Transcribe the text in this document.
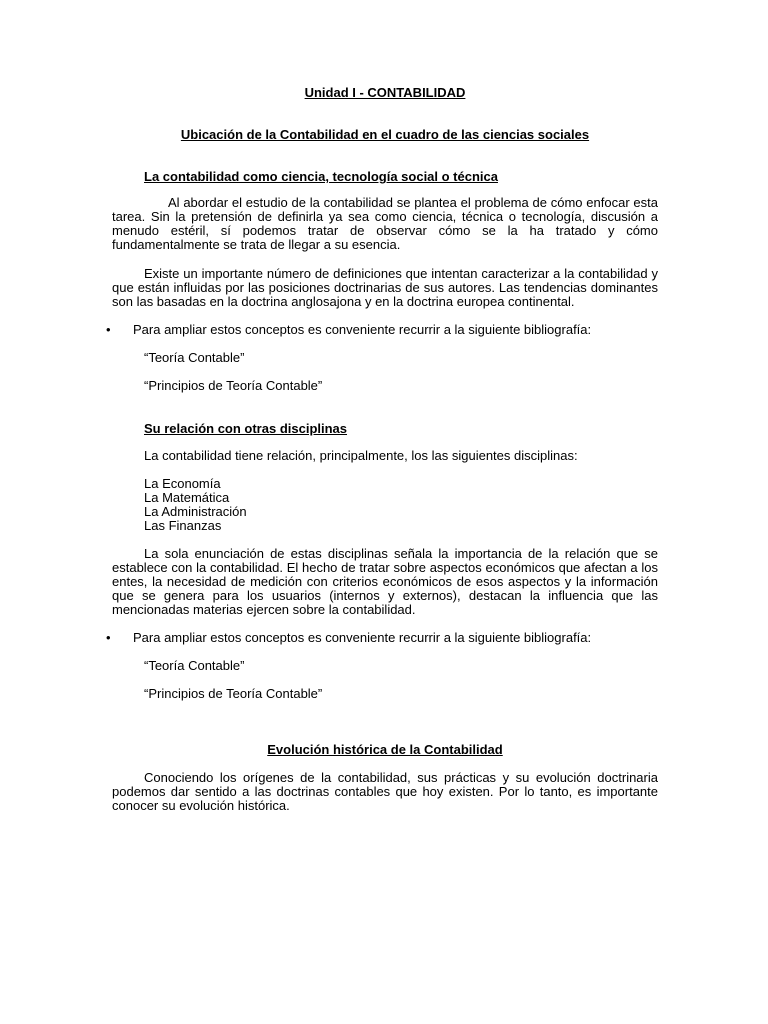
Unidad I - CONTABILIDAD
Ubicación de la Contabilidad en el cuadro de las ciencias sociales
La contabilidad como ciencia, tecnología social o técnica
Al abordar el estudio de la contabilidad se plantea el problema de cómo enfocar esta tarea. Sin la pretensión de definirla ya sea como ciencia, técnica o tecnología, discusión a menudo estéril, sí podemos tratar de observar cómo se la ha tratado y cómo fundamentalmente se trata de llegar a su esencia.
Existe un importante número de definiciones que intentan caracterizar a la contabilidad y que están influidas por las posiciones doctrinarias de sus autores. Las tendencias dominantes son las basadas en la doctrina anglosajona y en la doctrina europea continental.
• Para ampliar estos conceptos es conveniente recurrir a la siguiente bibliografía:
“Teoría Contable”
“Principios de Teoría Contable”
Su relación con otras disciplinas
La contabilidad tiene relación, principalmente, los las siguientes disciplinas:
La Economía
La Matemática
La Administración
Las Finanzas
La sola enunciación de estas disciplinas señala la importancia de la relación que se establece con la contabilidad. El hecho de tratar sobre aspectos económicos que afectan a los entes, la necesidad de medición con criterios económicos de esos aspectos y la información que se genera para los usuarios (internos y externos), destacan la influencia que las mencionadas materias ejercen sobre la contabilidad.
• Para ampliar estos conceptos es conveniente recurrir a la siguiente bibliografía:
“Teoría Contable”
“Principios de Teoría Contable”
Evolución histórica de la Contabilidad
Conociendo los orígenes de la contabilidad, sus prácticas y su evolución doctrinaria podemos dar sentido a las doctrinas contables que hoy existen. Por lo tanto, es importante conocer su evolución histórica.
